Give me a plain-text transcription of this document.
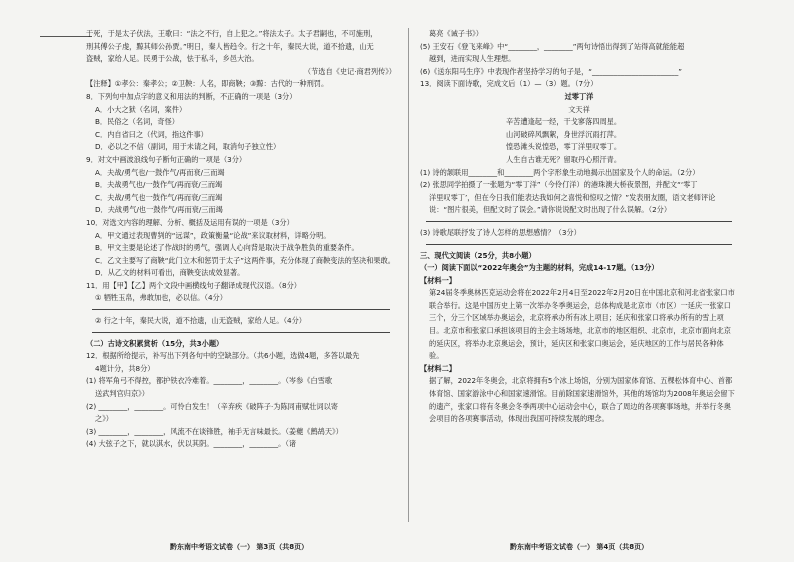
于死，于是太子伏法，王歌曰：“法之不行，自上犯之。”将法太子。太子君嗣也，不可施刑，
刑其傅公子虔，黥其师公孙贾。”明日，秦人皆趋令。行之十年，秦民大说，道不拾遗，山无
盗贼，家给人足。民勇于公战，怯于私斗，乡邑大治。
（节选自《史记·商君列传》）
【注释】①孝公：秦孝公；②卫鞅：人名，即商鞅；③黥：古代的一种刑罚。
8．下列句中加点字的意义和用法的判断，不正确的一项是（3分）
A．小大之狱（名词，案件）
B．民俗之（名词，奇怪）
C．内自省曰之（代词，指这件事）
D．必以之不信（副词，用于未请之间，取消句子独立性）
9．对文中画波浪线句子断句正确的一项是（3分）
A．夫战/勇气也/一鼓作气/再而衰/三而竭
B．夫战勇气也/一鼓作气/再而衰/三而竭
C．夫战/勇气也一鼓作气/再而衰/三而竭
D．夫战勇气/也一鼓作气/再而衰/三而竭
10．对选文内容的理解、分析、概括及运用有误的一项是（3分）
A．甲文通过表现曹刿的“远谋”，政策衡量“论战”来议取材料，详略分明。
B．甲文主要是论述了作战时的勇气，强调人心向背是取决于战争胜负的重要条件。
C．乙文主要写了商鞅“此门立木和惩罚于太子”这两件事，充分体现了商鞅变法的坚决和果敢。
D．从乙文的材料可看出，商鞅变法成效显著。
11．用【甲】【乙】两个文段中画横线句子翻译成现代汉语。（8分）
① 牺牲玉帛，弗敢加也，必以信。（4分）
② 行之十年，秦民大说，道不拾遗，山无盗贼，家给人足。（4分）
（二）古诗文积累赏析（15分，共3小题）
12．根据所给提示，补写出下列各句中的空缺部分。（共6小题，选做4题，多答以最先
4题计分，共8分）
(1) 将军角弓不得控，都护铁衣冷难着。________，________。（岑参《白雪歌
送武判官归京》）
(2) ________，________。可怜白发生！（辛弃疾《破阵子·为陈同甫赋壮词以寄
之》）
(3) ________，________，风流不在谈锋胜，袖手无言味最长。（姜夔《鹧鸪天》）
(4) 大弦子之下，就以淇水，伏以其阴。________，________。（诸
葛亮《诫子书》）
(5) 王安石《登飞来峰》中“________，________”两句诗悟出得到了站得高就能能超
越到，进而实现人生理想。
(6)《送东阳马生序》中表现作者坚持学习的句子是，“________________________”
13．阅读下面诗歌，完成文后（1）—（3）题。（7分）
过零丁洋
文天祥
辛苦遭逢起一经，干戈寥落四周星。
山河破碎风飘絮，身世浮沉雨打萍。
惶恐滩头说惶恐，零丁洋里叹零丁。
人生自古谁无死？留取丹心照汗青。
(1) 诗的颔联用________和________两个字形象生动地揭示出国家及个人的命运。（2分）
(2) 张思同学拍摄了一张题为“零丁洋”（今伶仃洋）的港珠澳大桥夜景图，并配文“‘零丁
洋里叹零丁’，但在今日我们能表达我如何之喜悦和惊叹之情？”发表朋友圈，语文老师评论说：“图片很美，但配文时了误会。”请你说说配文时出现了什么误解。（2分）
(3) 诗歌尾联抒发了诗人怎样的思想感情？（3分）
三、现代文阅读（25分，共8小题）
（一）阅读下面以“2022年奥会”为主题的材料，完成14-17题。（13分）
【材料一】
第24届冬季奥林匹克运动会将在2022年2月4日至2022年2月20日在中国北京和河北省张家口市联合举行。这是中国历史上第一次举办冬季奥运会，总体构成是北京市（市区）一延庆一张家口三个，分三个区域举办奥运会，北京将承办所有冰上项目；延庆和张家口将承办所有的雪上项目。北京市和张家口承担该项目的主会主场场地，北京市的地区组织、北京市，北京市面向北京的延庆区，将举办北京奥运会，预计，延庆区和张家口奥运会，延庆地区的工作与居民各种体验。
【材料二】
据了解，2022年冬奥会，北京将拥有5个冰上场馆，分别为国家体育馆、五棵松体育中心、首都体育馆、国家游泳中心和国家速滑馆。目前除国家速滑馆外，其他的场馆均为2008年奥运会留下的遗产，张家口将有冬奥会冬季两项中心运动会中心，联合了周边的各项赛事场地，并举行冬奥会项目的各项赛事活动，体现出我国可持续发展的理念。
黔东南中考语文试卷（一） 第3页（共8页）	黔东南中考语文试卷（一） 第4页（共8页）
